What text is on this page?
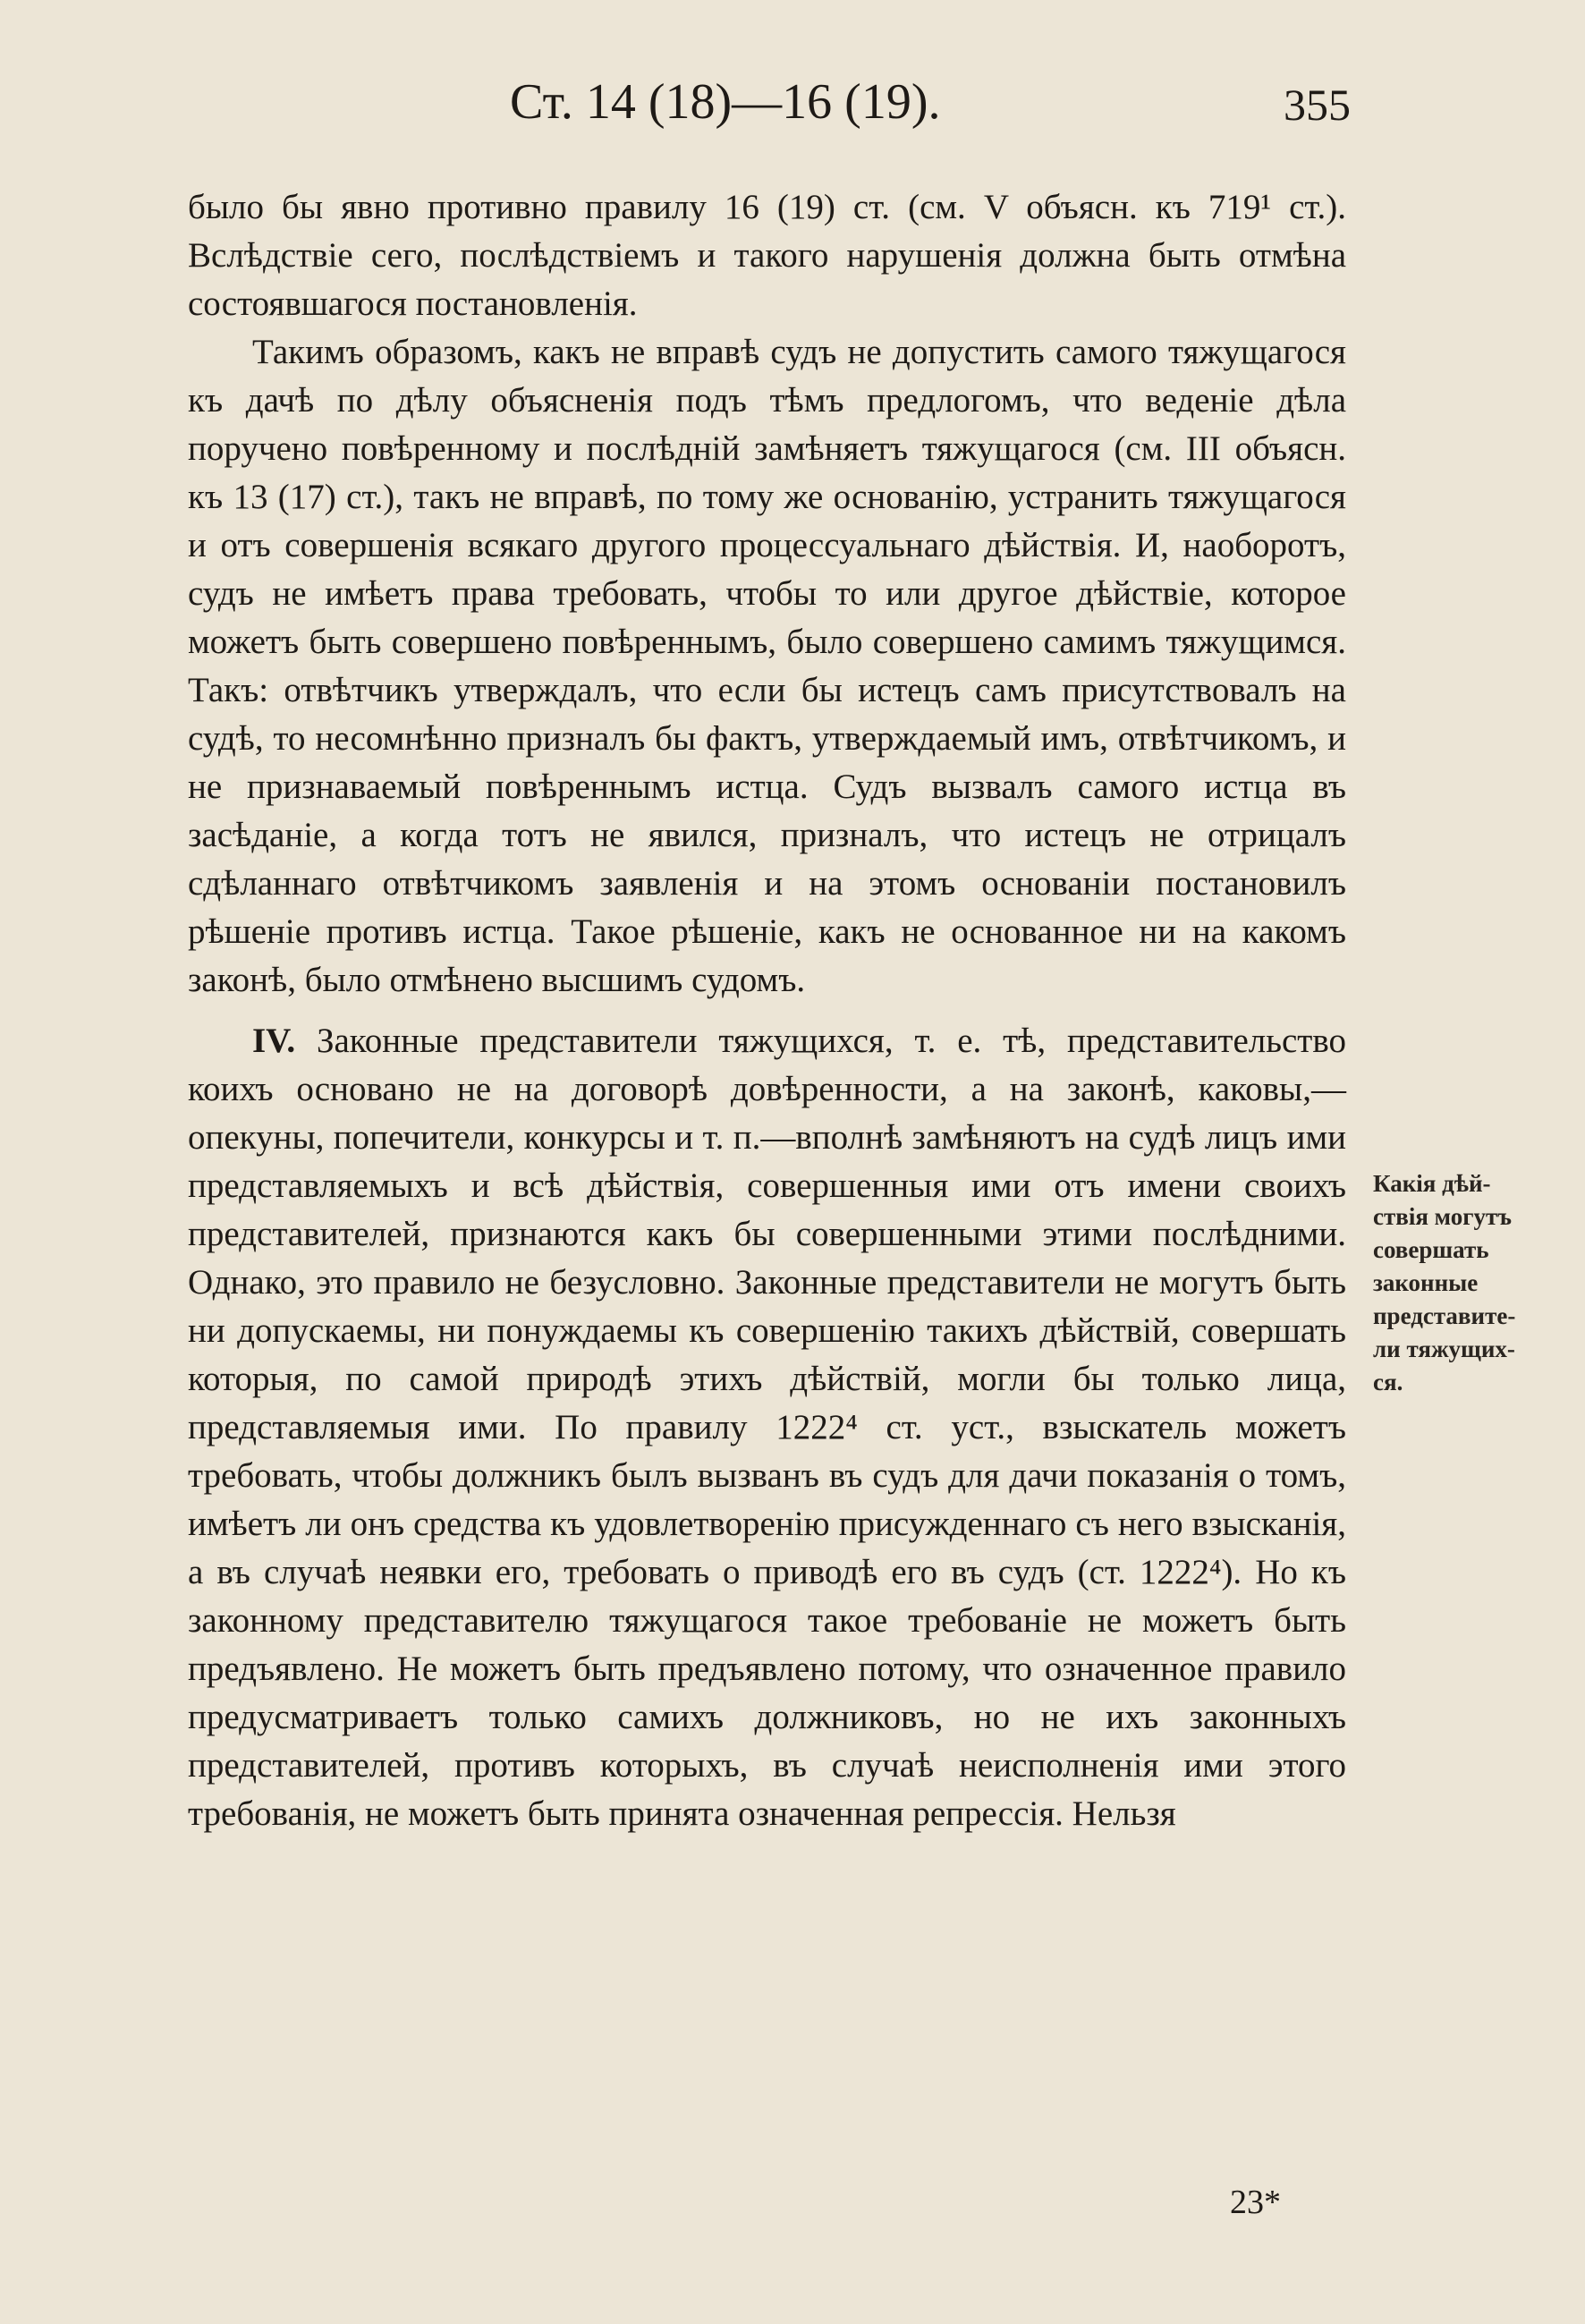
Ст. 14 (18)—16 (19).	355

было бы явно противно правилу 16 (19) ст. (см. V объясн. къ 719¹ ст.). Вслѣдствіе сего, послѣдствіемъ и такого нарушенія должна быть отмѣна состоявшагося постановленія.

Такимъ образомъ, какъ не вправѣ судъ не допустить самого тяжущагося къ дачѣ по дѣлу объясненія подъ тѣмъ предлогомъ, что веденіе дѣла поручено повѣренному и послѣдній замѣняетъ тяжущагося (см. III объясн. къ 13 (17) ст.), такъ не вправѣ, по тому же основанію, устранить тяжущагося и отъ совершенія всякаго другого процессуальнаго дѣйствія. И, наоборотъ, судъ не имѣетъ права требовать, чтобы то или другое дѣйствіе, которое можетъ быть совершено повѣреннымъ, было совершено самимъ тяжущимся. Такъ: отвѣтчикъ утверждалъ, что если бы истецъ самъ присутствовалъ на судѣ, то несомнѣнно призналъ бы фактъ, утверждаемый имъ, отвѣтчикомъ, и не признаваемый повѣреннымъ истца. Судъ вызвалъ самого истца въ засѣданіе, а когда тотъ не явился, призналъ, что истецъ не отрицалъ сдѣланнаго отвѣтчикомъ заявленія и на этомъ основаніи постановилъ рѣшеніе противъ истца. Такое рѣшеніе, какъ не основанное ни на какомъ законѣ, было отмѣнено высшимъ судомъ.

IV. Законные представители тяжущихся, т. е. тѣ, представительство коихъ основано не на договорѣ довѣренности, а на законѣ, каковы,—опекуны, попечители, конкурсы и т. п.—вполнѣ замѣняютъ на судѣ лицъ ими представляемыхъ и всѣ дѣйствія, совершенныя ими отъ имени своихъ представителей, признаются какъ бы совершенными этими послѣдними. Однако, это правило не безусловно. Законные представители не могутъ быть ни допускаемы, ни понуждаемы къ совершенію такихъ дѣйствій, совершать которыя, по самой природѣ этихъ дѣйствій, могли бы только лица, представляемыя ими. По правилу 1222⁴ ст. уст., взыскатель можетъ требовать, чтобы должникъ былъ вызванъ въ судъ для дачи показанія о томъ, имѣетъ ли онъ средства къ удовлетворенію присужденнаго съ него взысканія, а въ случаѣ неявки его, требовать о приводѣ его въ судъ (ст. 1222⁴). Но къ законному представителю тяжущагося такое требованіе не можетъ быть предъявлено. Не можетъ быть предъявлено потому, что означенное правило предусматриваетъ только самихъ должниковъ, но не ихъ законныхъ представителей, противъ которыхъ, въ случаѣ неисполненія ими этого требованія, не можетъ быть принята означенная репрессія. Нельзя

Какія дѣй-
ствія могутъ
совершать
законные
представите-
ли тяжущих-
ся.
23*
